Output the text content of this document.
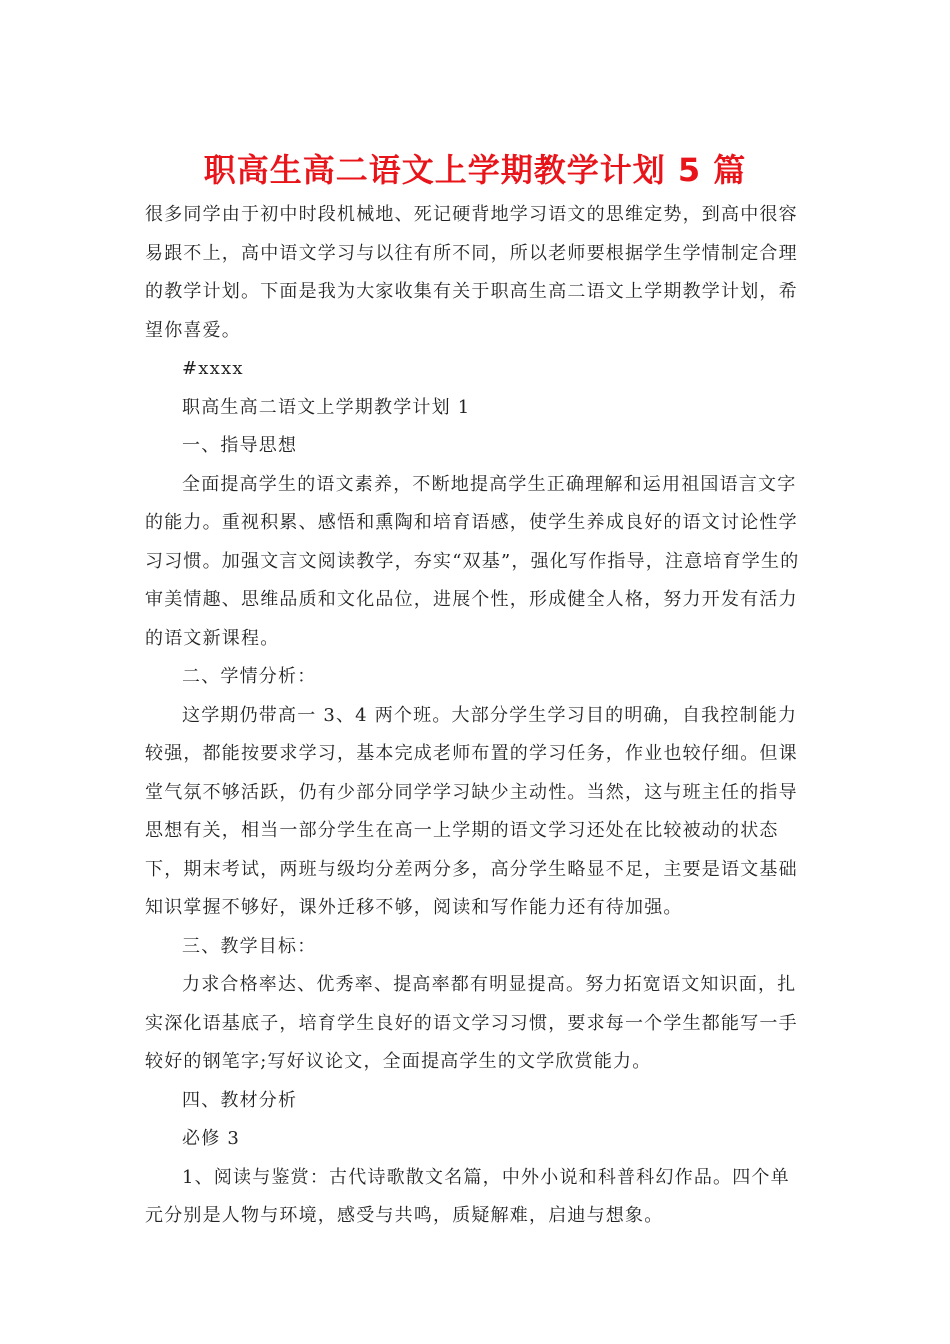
职高生高二语文上学期教学计划 5 篇

很多同学由于初中时段机械地、死记硬背地学习语文的思维定势，到高中很容易跟不上，高中语文学习与以往有所不同，所以老师要根据学生学情制定合理的教学计划。下面是我为大家收集有关于职高生高二语文上学期教学计划，希望你喜爱。

#xxxx

职高生高二语文上学期教学计划 1

一、指导思想

全面提高学生的语文素养，不断地提高学生正确理解和运用祖国语言文字的能力。重视积累、感悟和熏陶和培育语感，使学生养成良好的语文讨论性学习习惯。加强文言文阅读教学，夯实“双基”，强化写作指导，注意培育学生的审美情趣、思维品质和文化品位，进展个性，形成健全人格，努力开发有活力的语文新课程。

二、学情分析：

这学期仍带高一 3、4 两个班。大部分学生学习目的明确，自我控制能力较强，都能按要求学习，基本完成老师布置的学习任务，作业也较仔细。但课堂气氛不够活跃，仍有少部分同学学习缺少主动性。当然，这与班主任的指导思想有关，相当一部分学生在高一上学期的语文学习还处在比较被动的状态下，期末考试，两班与级均分差两分多，高分学生略显不足，主要是语文基础知识掌握不够好，课外迁移不够，阅读和写作能力还有待加强。

三、教学目标：

力求合格率达、优秀率、提高率都有明显提高。努力拓宽语文知识面，扎实深化语基底子，培育学生良好的语文学习习惯，要求每一个学生都能写一手较好的钢笔字;写好议论文，全面提高学生的文学欣赏能力。

四、教材分析

必修 3

1、阅读与鉴赏：古代诗歌散文名篇，中外小说和科普科幻作品。四个单元分别是人物与环境，感受与共鸣，质疑解难，启迪与想象。
